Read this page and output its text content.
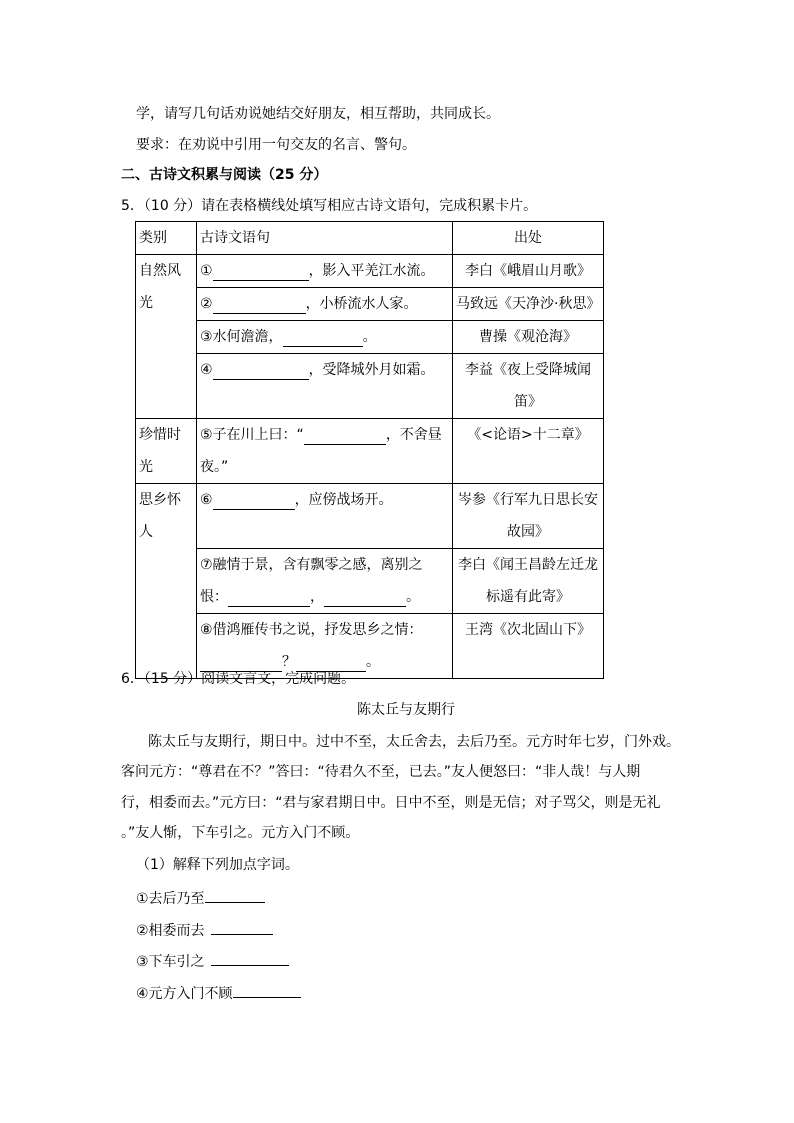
学，请写几句话劝说她结交好朋友，相互帮助，共同成长。
要求：在劝说中引用一句交友的名言、警句。
二、古诗文积累与阅读（25 分）
5．（10 分）请在表格横线处填写相应古诗文语句，完成积累卡片。
类别	古诗文语句	出处
自然风光	① ，影入平羌江水流。	李白《峨眉山月歌》
	② ，小桥流水人家。	马致远《天净沙·秋思》
	③水何澹澹， 。	曹操《观沧海》
	④ ，受降城外月如霜。	李益《夜上受降城闻笛》
珍惜时光	⑤子在川上曰：“ ，不舍昼
夜。”	《<论语>十二章》
思乡怀人	⑥ ，应傍战场开。	岑参《行军九日思长安
故园》
	⑦融情于景，含有飘零之感，离别之
恨： ， 。	李白《闻王昌龄左迁龙
标遥有此寄》
	⑧借鸿雁传书之说，抒发思乡之情：
？ 。	王湾《次北固山下》
6．（15 分）阅读文言文，完成问题。
陈太丘与友期行
陈太丘与友期行，期日中。过中不至，太丘舍去，去后乃至。元方时年七岁，门外戏。
客问元方：“尊君在不？”答曰：“待君久不至，已去。”友人便怒曰：“非人哉！与人期
行，相委而去。”元方曰：“君与家君期日中。日中不至，则是无信；对子骂父，则是无礼
。”友人惭，下车引之。元方入门不顾。
（1）解释下列加点字词。
①去后乃至
②相委而去
③下车引之
④元方入门不顾
